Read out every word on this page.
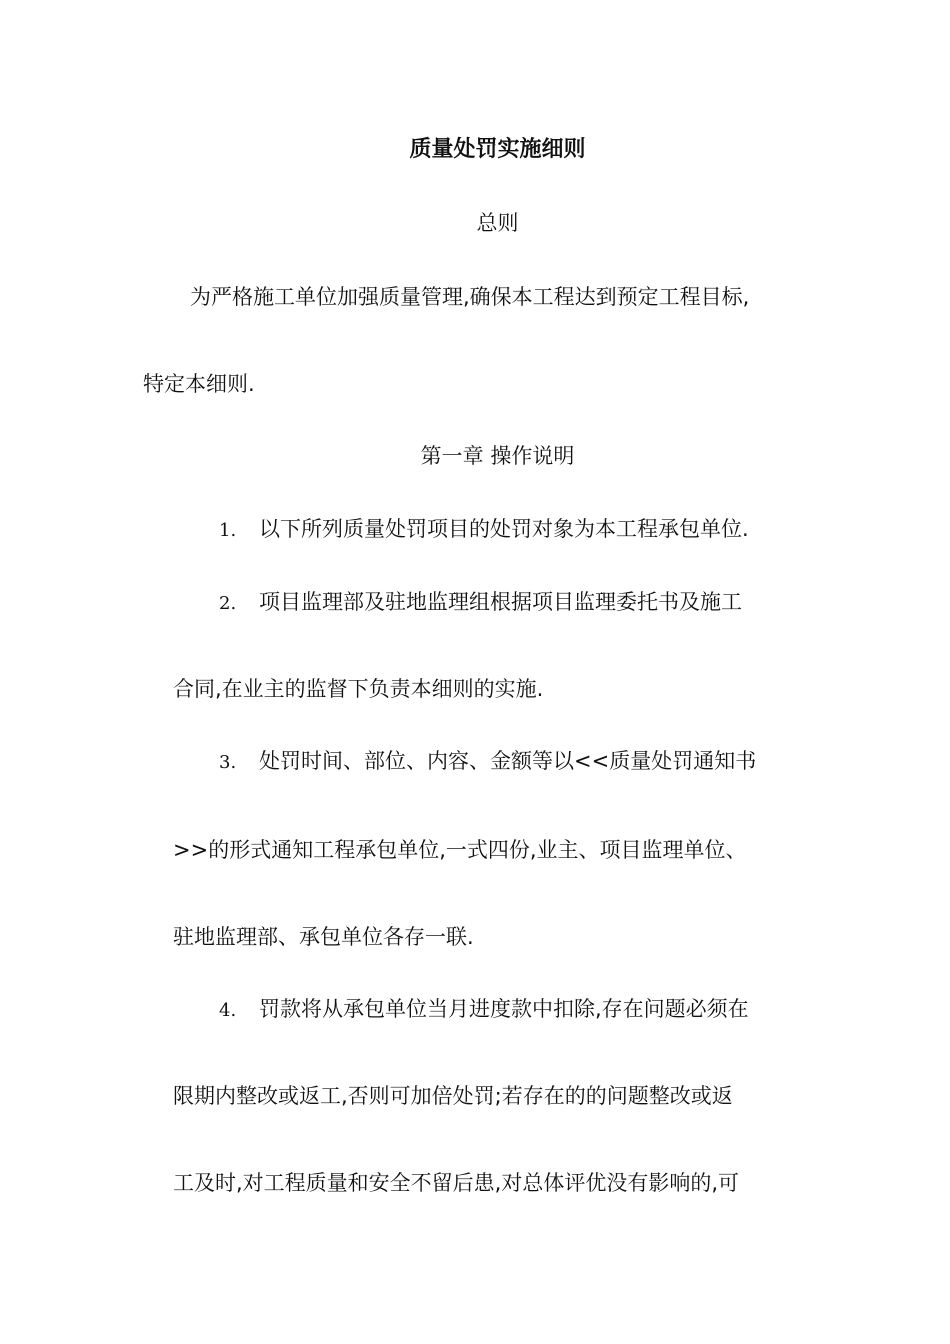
质量处罚实施细则
总则
为严格施工单位加强质量管理,确保本工程达到预定工程目标,
特定本细则.
第一章 操作说明
1. 以下所列质量处罚项目的处罚对象为本工程承包单位.
2. 项目监理部及驻地监理组根据项目监理委托书及施工
合同,在业主的监督下负责本细则的实施.
3. 处罚时间、部位、内容、金额等以<<质量处罚通知书
>>的形式通知工程承包单位,一式四份,业主、项目监理单位、
驻地监理部、承包单位各存一联.
4. 罚款将从承包单位当月进度款中扣除,存在问题必须在
限期内整改或返工,否则可加倍处罚;若存在的的问题整改或返
工及时,对工程质量和安全不留后患,对总体评优没有影响的,可
